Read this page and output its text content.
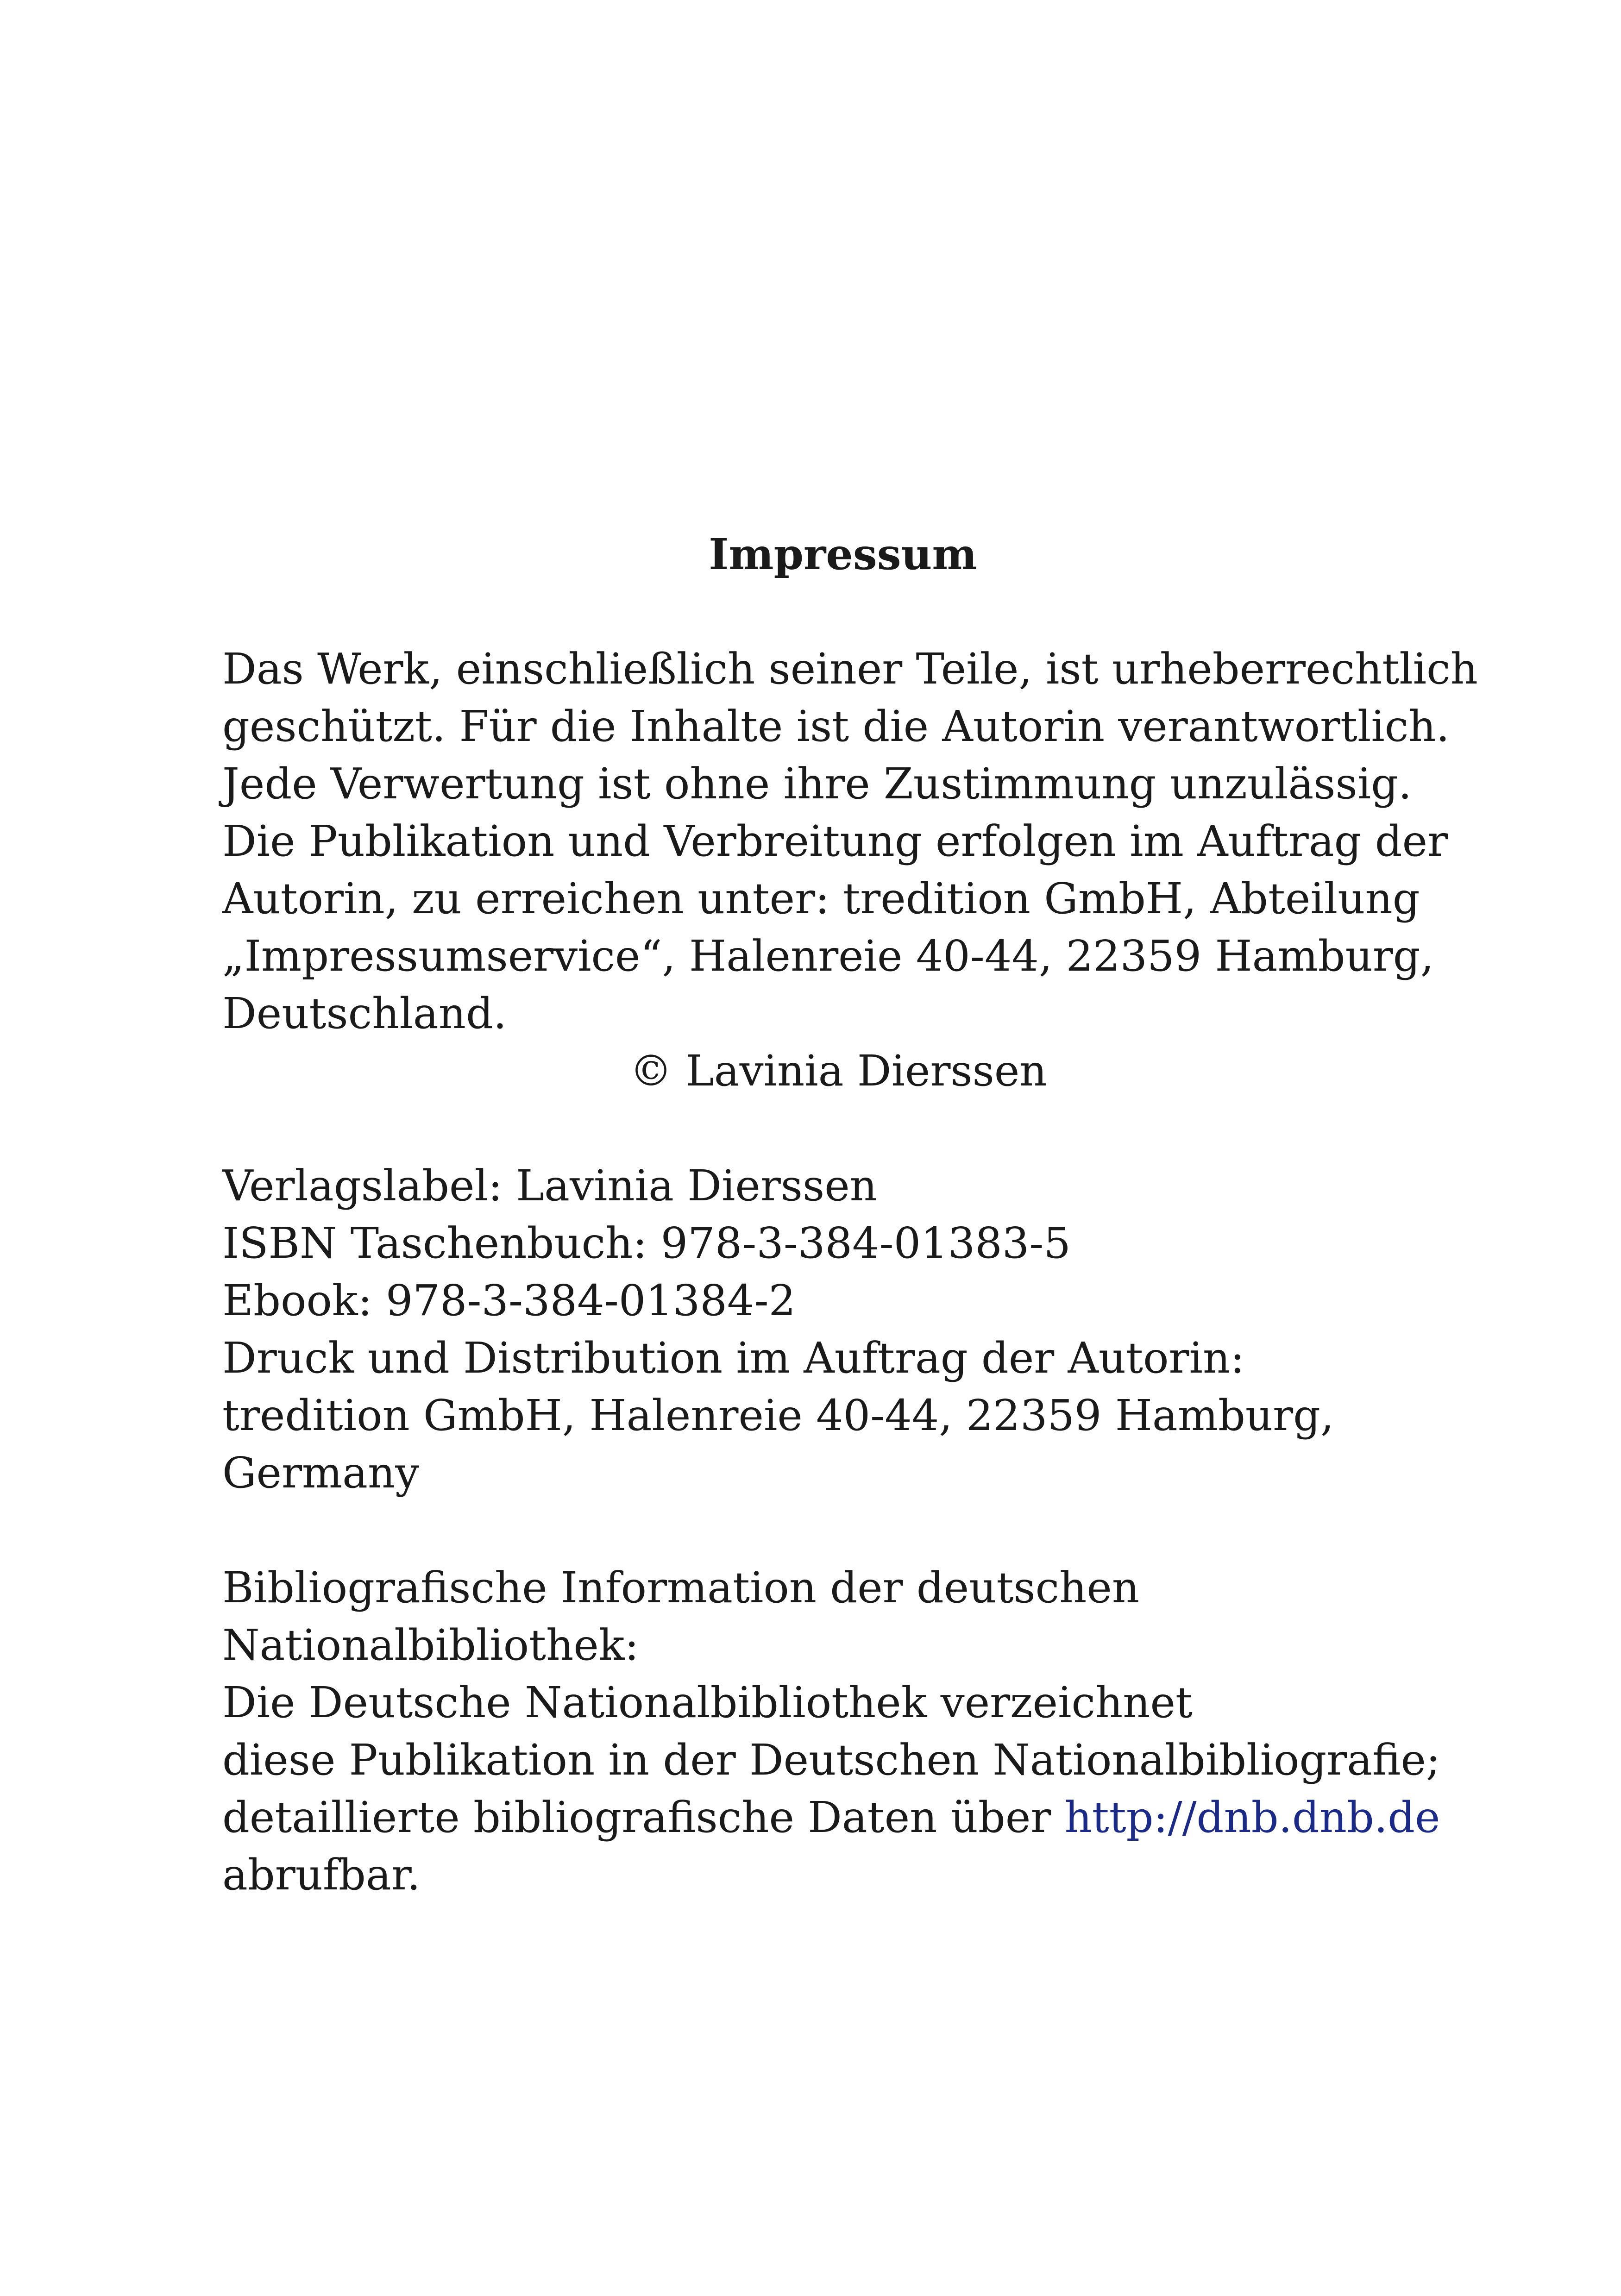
Impressum
Das Werk, einschließlich seiner Teile, ist urheberrechtlich
geschützt. Für die Inhalte ist die Autorin verantwortlich.
Jede Verwertung ist ohne ihre Zustimmung unzulässig.
Die Publikation und Verbreitung erfolgen im Auftrag der
Autorin, zu erreichen unter: tredition GmbH, Abteilung
„Impressumservice“, Halenreie 40-44, 22359 Hamburg,
Deutschland.
© Lavinia Dierssen
Verlagslabel: Lavinia Dierssen
ISBN Taschenbuch: 978-3-384-01383-5
Ebook: 978-3-384-01384-2
Druck und Distribution im Auftrag der Autorin:
tredition GmbH, Halenreie 40-44, 22359 Hamburg,
Germany
Bibliografische Information der deutschen
Nationalbibliothek:
Die Deutsche Nationalbibliothek verzeichnet
diese Publikation in der Deutschen Nationalbibliografie;
detaillierte bibliografische Daten über http://dnb.dnb.de
abrufbar.
